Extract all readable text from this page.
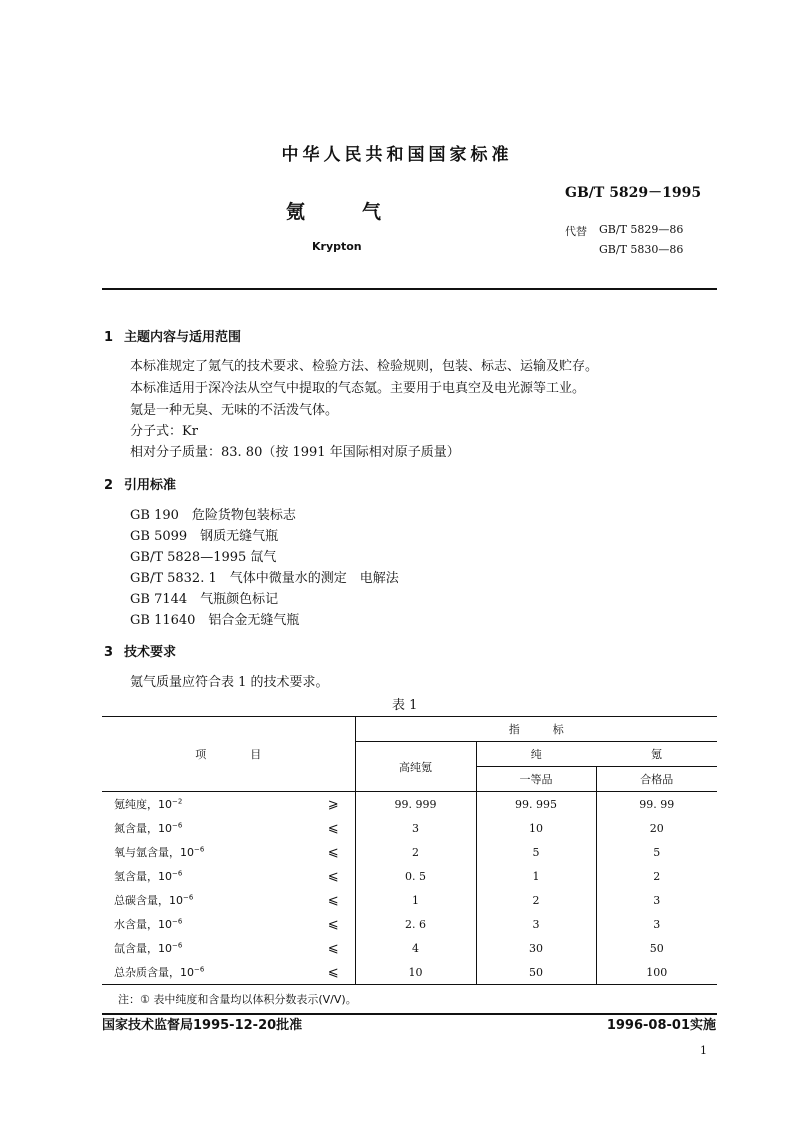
中华人民共和国国家标准
GB/T 5829－1995
氪　　　气
Krypton
代替 GB/T 5829—86
GB/T 5830—86
1 主题内容与适用范围
本标准规定了氪气的技术要求、检验方法、检验规则，包装、标志、运输及贮存。
本标准适用于深冷法从空气中提取的气态氪。主要用于电真空及电光源等工业。
氪是一种无臭、无味的不活泼气体。
分子式：Kr
相对分子质量：83. 80（按 1991 年国际相对原子质量）
2 引用标准
GB 190　危险货物包装标志
GB 5099　钢质无缝气瓶
GB/T 5828—1995 氙气
GB/T 5832. 1　气体中微量水的测定　电解法
GB 7144　气瓶颜色标记
GB 11640　铝合金无缝气瓶
3 技术要求
氪气质量应符合表 1 的技术要求。
表 1
项　　　　目		指　　　标		
		高纯氪	纯	氪
			一等品	合格品
氪纯度，$10^{-2}$	⩾	99. 999	99. 995	99. 99
氮含量，$10^{-6}$	⩽	3	10	20
氧与氩含量，$10^{-6}$	⩽	2	5	5
氢含量，$10^{-6}$	⩽	0. 5	1	2
总碳含量，$10^{-6}$	⩽	1	2	3
水含量，$10^{-6}$	⩽	2. 6	3	3
氙含量，$10^{-6}$	⩽	4	30	50
总杂质含量，$10^{-6}$	⩽	10	50	100
注：① 表中纯度和含量均以体积分数表示(V/V)。
国家技术监督局1995-12-20批准	1996-08-01实施
1
